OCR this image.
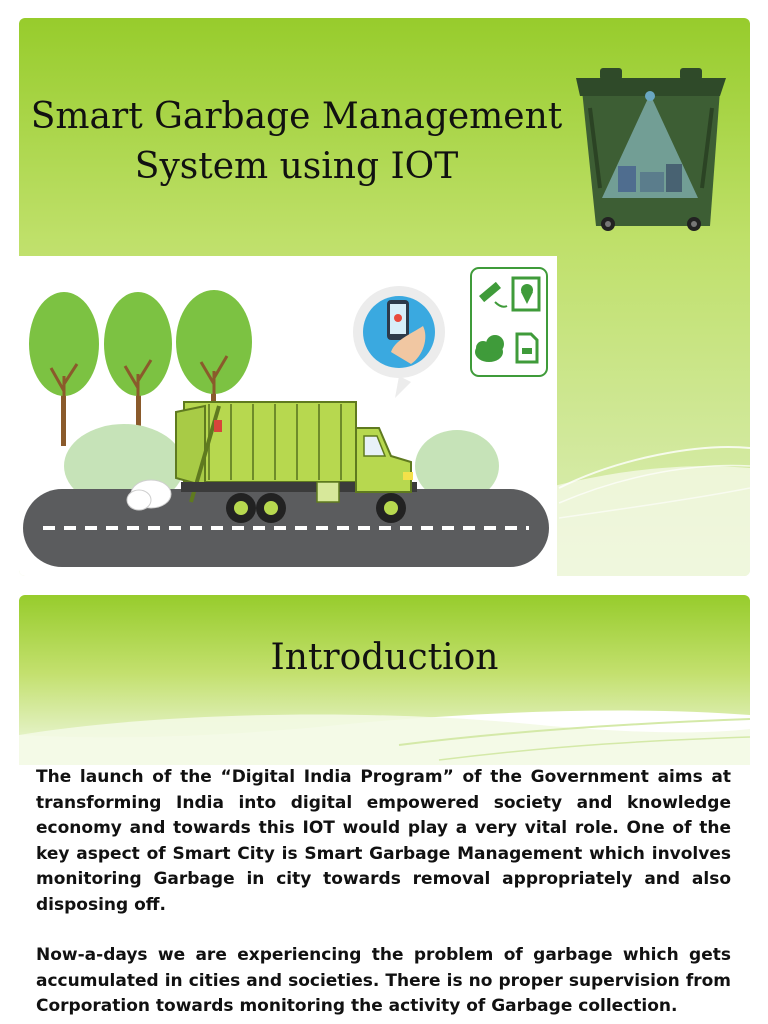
Smart Garbage Management
System using IOT
Introduction

The launch of the “Digital India Program” of the Government aims at transforming India into digital empowered society and knowledge economy and towards this IOT would play a very vital role. One of the key aspect of Smart City is Smart Garbage Management which involves monitoring Garbage in city towards removal appropriately and also disposing off.

Now-a-days we are experiencing the problem of garbage which gets accumulated in cities and societies. There is no proper supervision from Corporation towards monitoring the activity of Garbage collection.
